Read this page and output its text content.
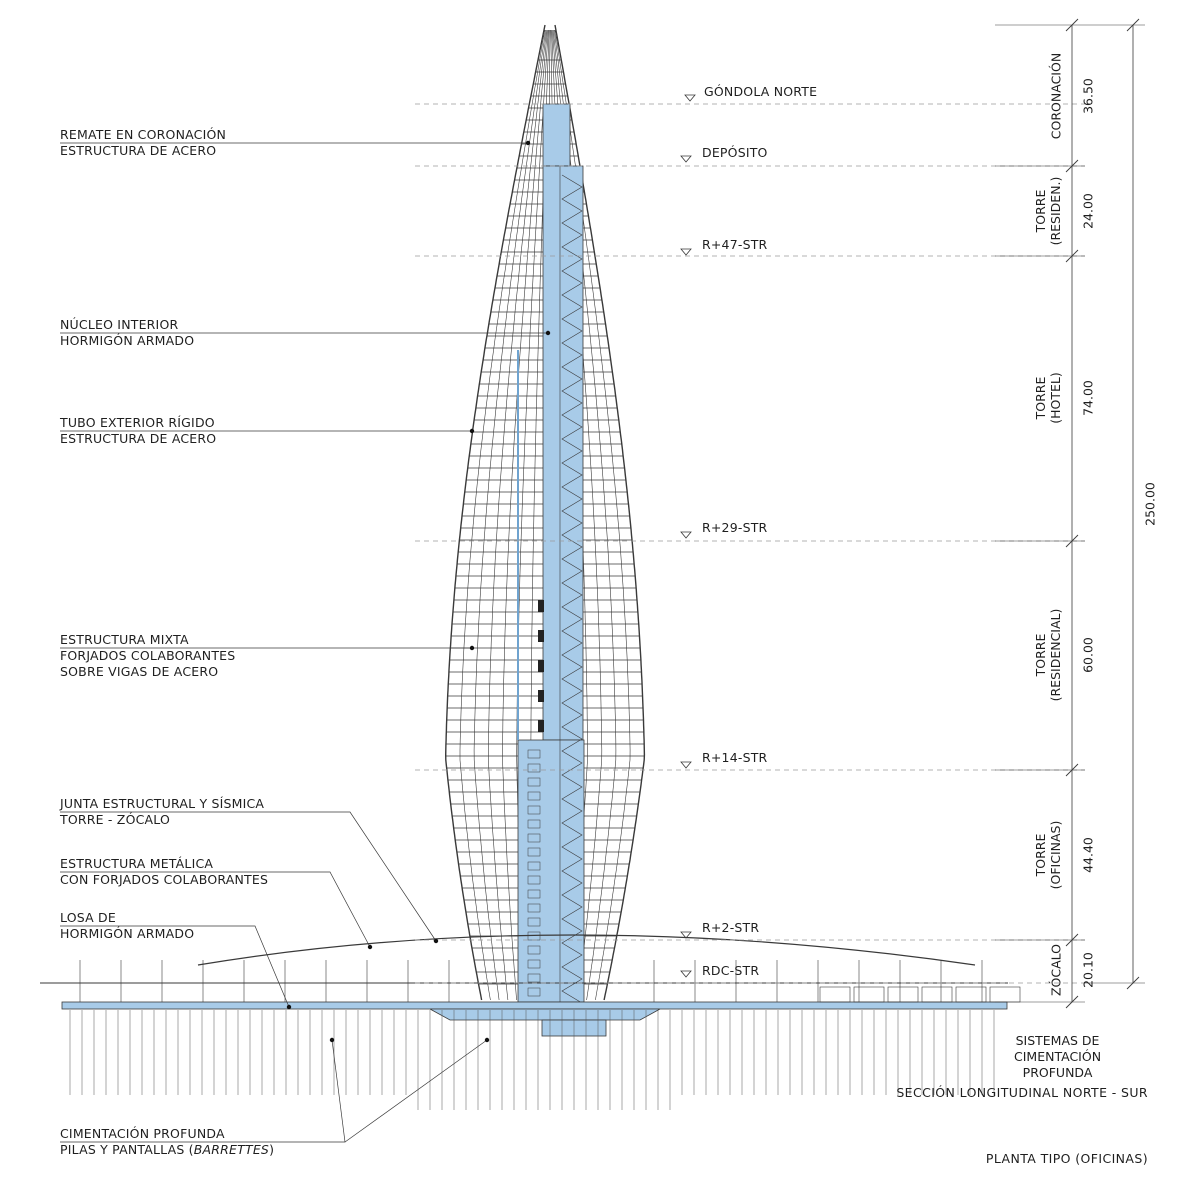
REMATE EN CORONACIÓN
ESTRUCTURA DE ACERO
NÚCLEO INTERIOR
HORMIGÓN ARMADO
TUBO EXTERIOR RÍGIDO
ESTRUCTURA DE ACERO
ESTRUCTURA MIXTA
FORJADOS COLABORANTES
SOBRE VIGAS DE ACERO
JUNTA ESTRUCTURAL Y SÍSMICA
TORRE - ZÓCALO
ESTRUCTURA METÁLICA
CON FORJADOS COLABORANTES
LOSA DE
HORMIGÓN ARMADO
CIMENTACIÓN PROFUNDA
PILAS Y PANTALLAS (BARRETTES)
GÓNDOLA NORTE
DEPÓSITO
R+47-STR
R+29-STR
R+14-STR
R+2-STR
RDC-STR
CORONACIÓN 36.50
TORRE (RESIDEN.) 24.00
TORRE (HOTEL) 74.00
TORRE (RESIDENCIAL) 60.00
TORRE (OFICINAS) 44.40
ZÓCALO 20.10
250.00
SISTEMAS DE
CIMENTACIÓN
PROFUNDA
SECCIÓN LONGITUDINAL NORTE - SUR
PLANTA TIPO (OFICINAS)
